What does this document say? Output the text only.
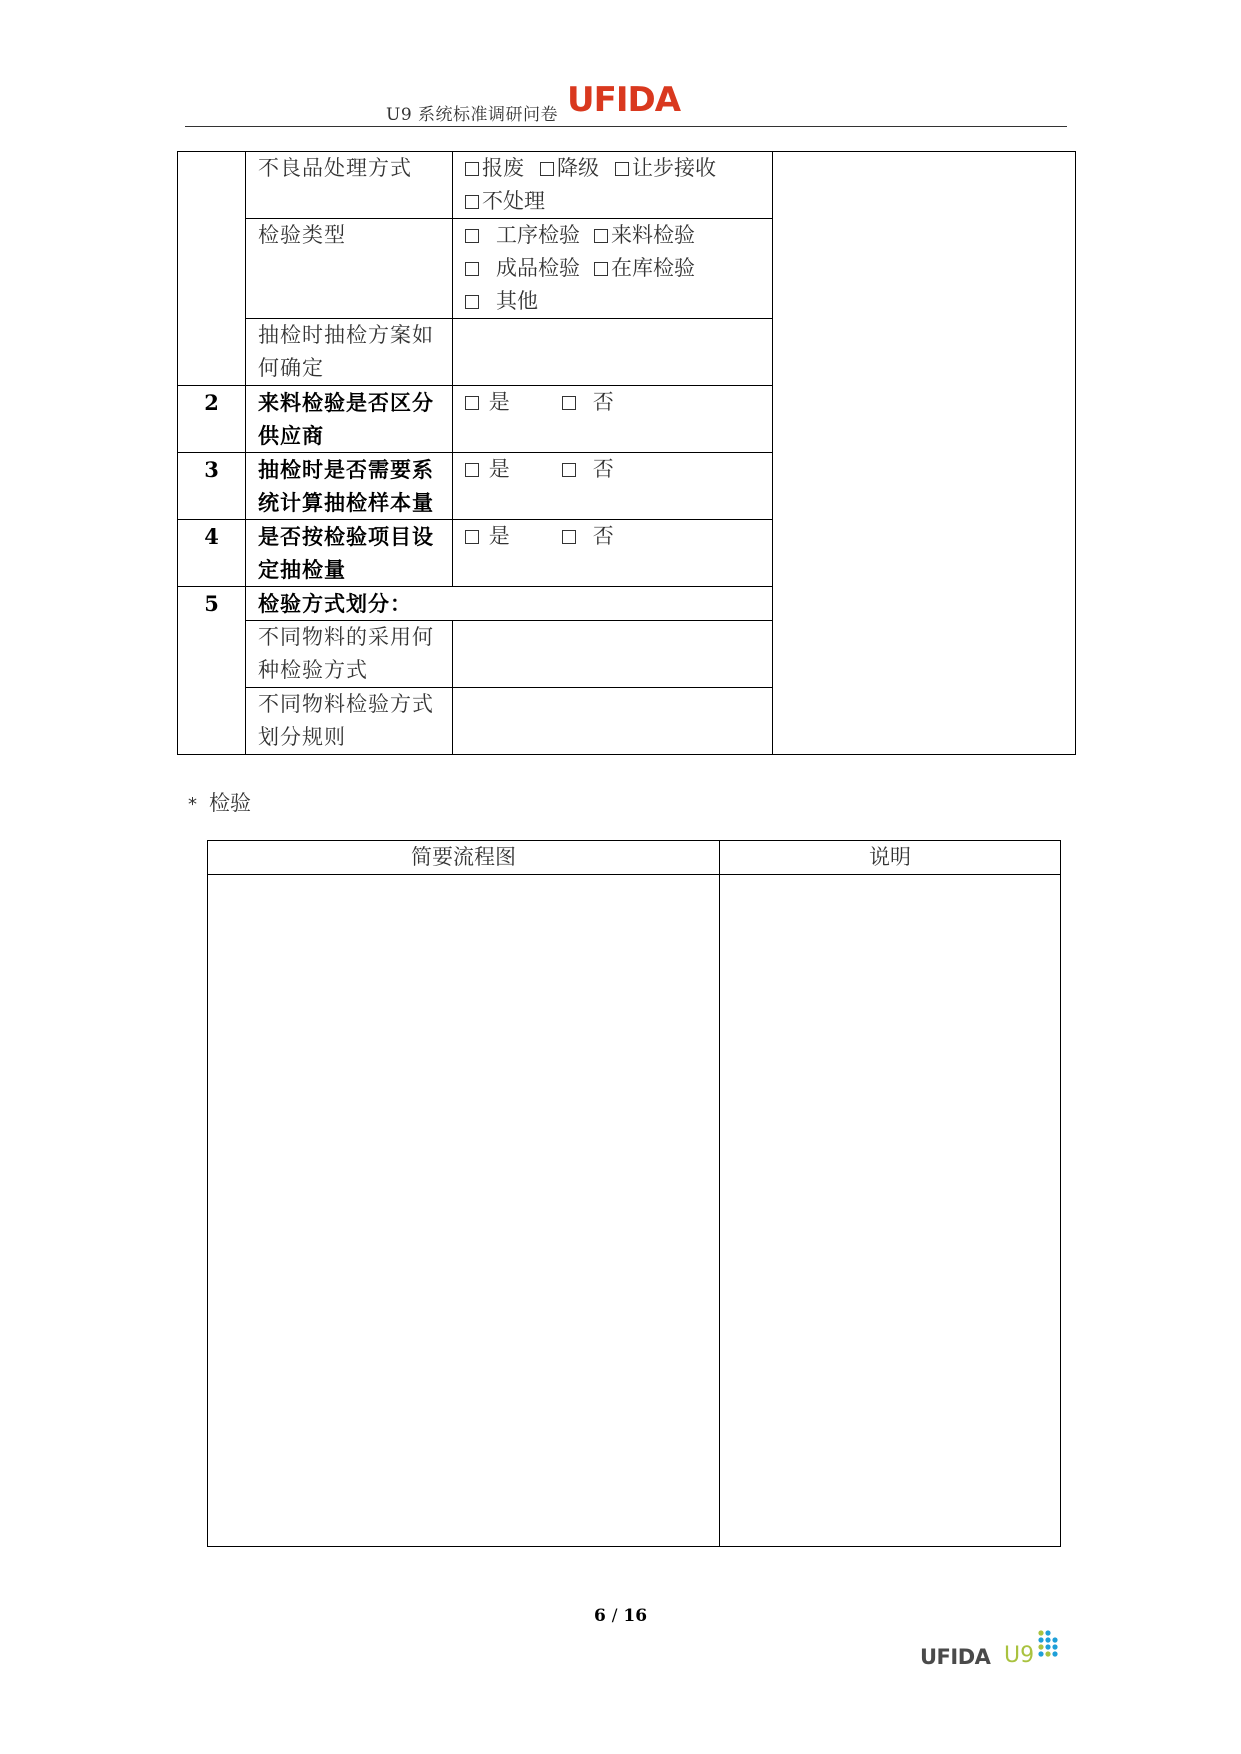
U9 系统标准调研问卷 UFIDA
	不良品处理方式	报废 降级 让步接收
不处理	
	检验类型	工序检验 来料检验
成品检验 在库检验
其他	
	抽检时抽检方案如何确定		
2	来料检验是否区分供应商	是 否	
3	抽检时是否需要系统计算抽检样本量	是 否	
4	是否按检验项目设定抽检量	是 否	
5	检验方式划分：		
	不同物料的采用何种检验方式		
	不同物料检验方式划分规则		
* 检验
简要流程图	说明

6 / 16
UFIDA U9
